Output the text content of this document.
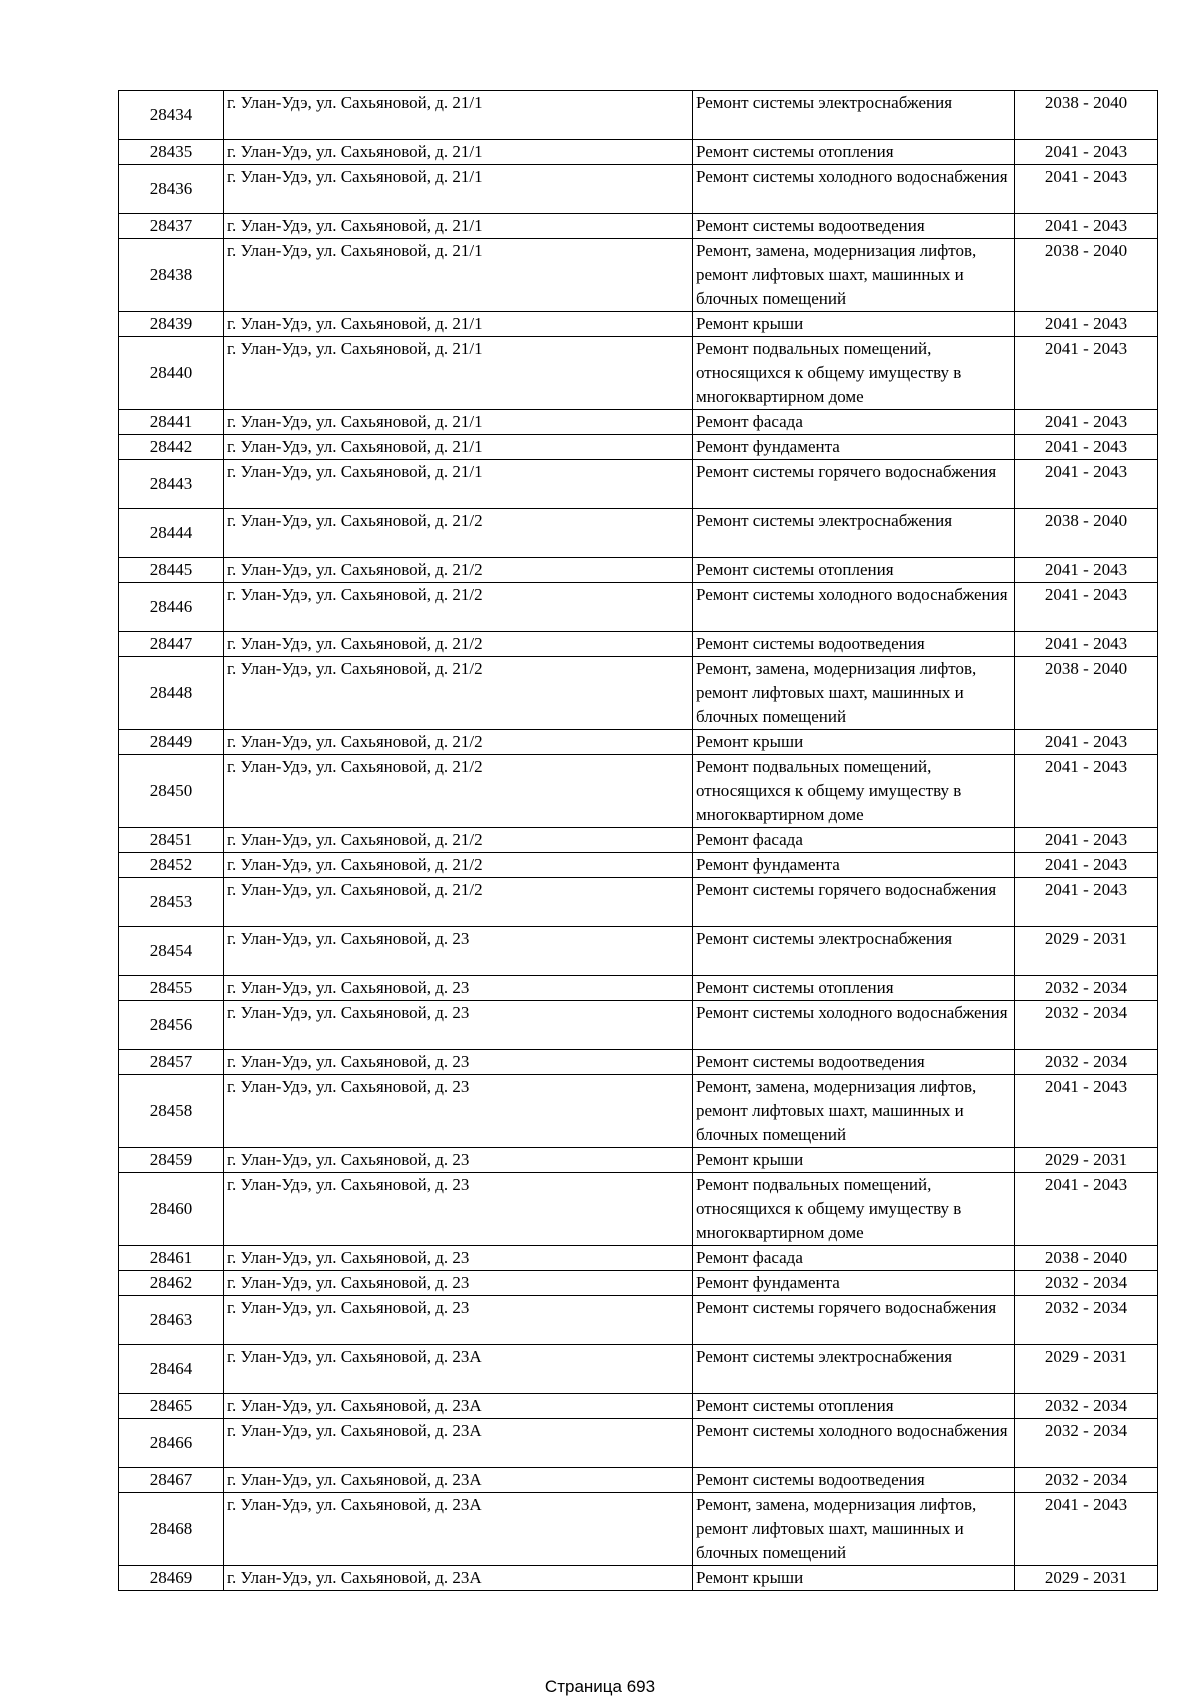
28434	г. Улан-Удэ, ул. Сахьяновой, д. 21/1	Ремонт системы электроснабжения	2038 - 2040
28435	г. Улан-Удэ, ул. Сахьяновой, д. 21/1	Ремонт системы отопления	2041 - 2043
28436	г. Улан-Удэ, ул. Сахьяновой, д. 21/1	Ремонт системы холодного водоснабжения	2041 - 2043
28437	г. Улан-Удэ, ул. Сахьяновой, д. 21/1	Ремонт системы водоотведения	2041 - 2043
28438	г. Улан-Удэ, ул. Сахьяновой, д. 21/1	Ремонт, замена, модернизация лифтов, ремонт лифтовых шахт, машинных и блочных помещений	2038 - 2040
28439	г. Улан-Удэ, ул. Сахьяновой, д. 21/1	Ремонт крыши	2041 - 2043
28440	г. Улан-Удэ, ул. Сахьяновой, д. 21/1	Ремонт подвальных помещений, относящихся к общему имуществу в многоквартирном доме	2041 - 2043
28441	г. Улан-Удэ, ул. Сахьяновой, д. 21/1	Ремонт фасада	2041 - 2043
28442	г. Улан-Удэ, ул. Сахьяновой, д. 21/1	Ремонт фундамента	2041 - 2043
28443	г. Улан-Удэ, ул. Сахьяновой, д. 21/1	Ремонт системы горячего водоснабжения	2041 - 2043
28444	г. Улан-Удэ, ул. Сахьяновой, д. 21/2	Ремонт системы электроснабжения	2038 - 2040
28445	г. Улан-Удэ, ул. Сахьяновой, д. 21/2	Ремонт системы отопления	2041 - 2043
28446	г. Улан-Удэ, ул. Сахьяновой, д. 21/2	Ремонт системы холодного водоснабжения	2041 - 2043
28447	г. Улан-Удэ, ул. Сахьяновой, д. 21/2	Ремонт системы водоотведения	2041 - 2043
28448	г. Улан-Удэ, ул. Сахьяновой, д. 21/2	Ремонт, замена, модернизация лифтов, ремонт лифтовых шахт, машинных и блочных помещений	2038 - 2040
28449	г. Улан-Удэ, ул. Сахьяновой, д. 21/2	Ремонт крыши	2041 - 2043
28450	г. Улан-Удэ, ул. Сахьяновой, д. 21/2	Ремонт подвальных помещений, относящихся к общему имуществу в многоквартирном доме	2041 - 2043
28451	г. Улан-Удэ, ул. Сахьяновой, д. 21/2	Ремонт фасада	2041 - 2043
28452	г. Улан-Удэ, ул. Сахьяновой, д. 21/2	Ремонт фундамента	2041 - 2043
28453	г. Улан-Удэ, ул. Сахьяновой, д. 21/2	Ремонт системы горячего водоснабжения	2041 - 2043
28454	г. Улан-Удэ, ул. Сахьяновой, д. 23	Ремонт системы электроснабжения	2029 - 2031
28455	г. Улан-Удэ, ул. Сахьяновой, д. 23	Ремонт системы отопления	2032 - 2034
28456	г. Улан-Удэ, ул. Сахьяновой, д. 23	Ремонт системы холодного водоснабжения	2032 - 2034
28457	г. Улан-Удэ, ул. Сахьяновой, д. 23	Ремонт системы водоотведения	2032 - 2034
28458	г. Улан-Удэ, ул. Сахьяновой, д. 23	Ремонт, замена, модернизация лифтов, ремонт лифтовых шахт, машинных и блочных помещений	2041 - 2043
28459	г. Улан-Удэ, ул. Сахьяновой, д. 23	Ремонт крыши	2029 - 2031
28460	г. Улан-Удэ, ул. Сахьяновой, д. 23	Ремонт подвальных помещений, относящихся к общему имуществу в многоквартирном доме	2041 - 2043
28461	г. Улан-Удэ, ул. Сахьяновой, д. 23	Ремонт фасада	2038 - 2040
28462	г. Улан-Удэ, ул. Сахьяновой, д. 23	Ремонт фундамента	2032 - 2034
28463	г. Улан-Удэ, ул. Сахьяновой, д. 23	Ремонт системы горячего водоснабжения	2032 - 2034
28464	г. Улан-Удэ, ул. Сахьяновой, д. 23А	Ремонт системы электроснабжения	2029 - 2031
28465	г. Улан-Удэ, ул. Сахьяновой, д. 23А	Ремонт системы отопления	2032 - 2034
28466	г. Улан-Удэ, ул. Сахьяновой, д. 23А	Ремонт системы холодного водоснабжения	2032 - 2034
28467	г. Улан-Удэ, ул. Сахьяновой, д. 23А	Ремонт системы водоотведения	2032 - 2034
28468	г. Улан-Удэ, ул. Сахьяновой, д. 23А	Ремонт, замена, модернизация лифтов, ремонт лифтовых шахт, машинных и блочных помещений	2041 - 2043
28469	г. Улан-Удэ, ул. Сахьяновой, д. 23А	Ремонт крыши	2029 - 2031
Страница 693
